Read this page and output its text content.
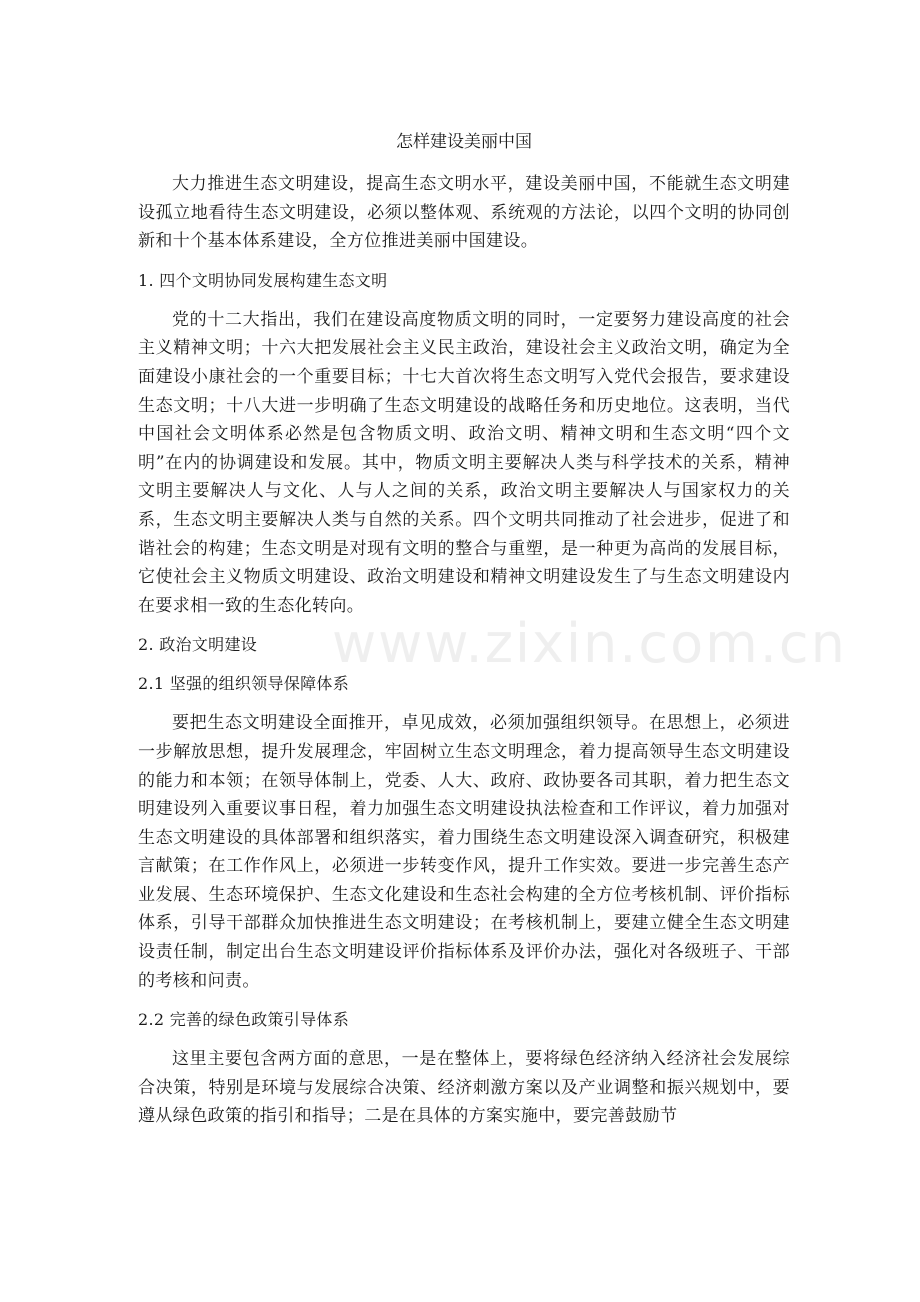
怎样建设美丽中国

大力推进生态文明建设，提高生态文明水平，建设美丽中国，不能就生态文明建设孤立地看待生态文明建设，必须以整体观、系统观的方法论，以四个文明的协同创新和十个基本体系建设，全方位推进美丽中国建设。

1. 四个文明协同发展构建生态文明

党的十二大指出，我们在建设高度物质文明的同时，一定要努力建设高度的社会主义精神文明；十六大把发展社会主义民主政治，建设社会主义政治文明，确定为全面建设小康社会的一个重要目标；十七大首次将生态文明写入党代会报告，要求建设生态文明；十八大进一步明确了生态文明建设的战略任务和历史地位。这表明，当代中国社会文明体系必然是包含物质文明、政治文明、精神文明和生态文明“四个文明”在内的协调建设和发展。其中，物质文明主要解决人类与科学技术的关系，精神文明主要解决人与文化、人与人之间的关系，政治文明主要解决人与国家权力的关系，生态文明主要解决人类与自然的关系。四个文明共同推动了社会进步，促进了和谐社会的构建；生态文明是对现有文明的整合与重塑，是一种更为高尚的发展目标，它使社会主义物质文明建设、政治文明建设和精神文明建设发生了与生态文明建设内在要求相一致的生态化转向。

2. 政治文明建设
2.1 坚强的组织领导保障体系

要把生态文明建设全面推开，卓见成效，必须加强组织领导。在思想上，必须进一步解放思想，提升发展理念，牢固树立生态文明理念，着力提高领导生态文明建设的能力和本领；在领导体制上，党委、人大、政府、政协要各司其职，着力把生态文明建设列入重要议事日程，着力加强生态文明建设执法检查和工作评议，着力加强对生态文明建设的具体部署和组织落实，着力围绕生态文明建设深入调查研究，积极建言献策；在工作作风上，必须进一步转变作风，提升工作实效。要进一步完善生态产业发展、生态环境保护、生态文化建设和生态社会构建的全方位考核机制、评价指标体系，引导干部群众加快推进生态文明建设；在考核机制上，要建立健全生态文明建设责任制，制定出台生态文明建设评价指标体系及评价办法，强化对各级班子、干部的考核和问责。

2.2 完善的绿色政策引导体系

这里主要包含两方面的意思，一是在整体上，要将绿色经济纳入经济社会发展综合决策，特别是环境与发展综合决策、经济刺激方案以及产业调整和振兴规划中，要遵从绿色政策的指引和指导；二是在具体的方案实施中，要完善鼓励节

www.zixin.com.cn
